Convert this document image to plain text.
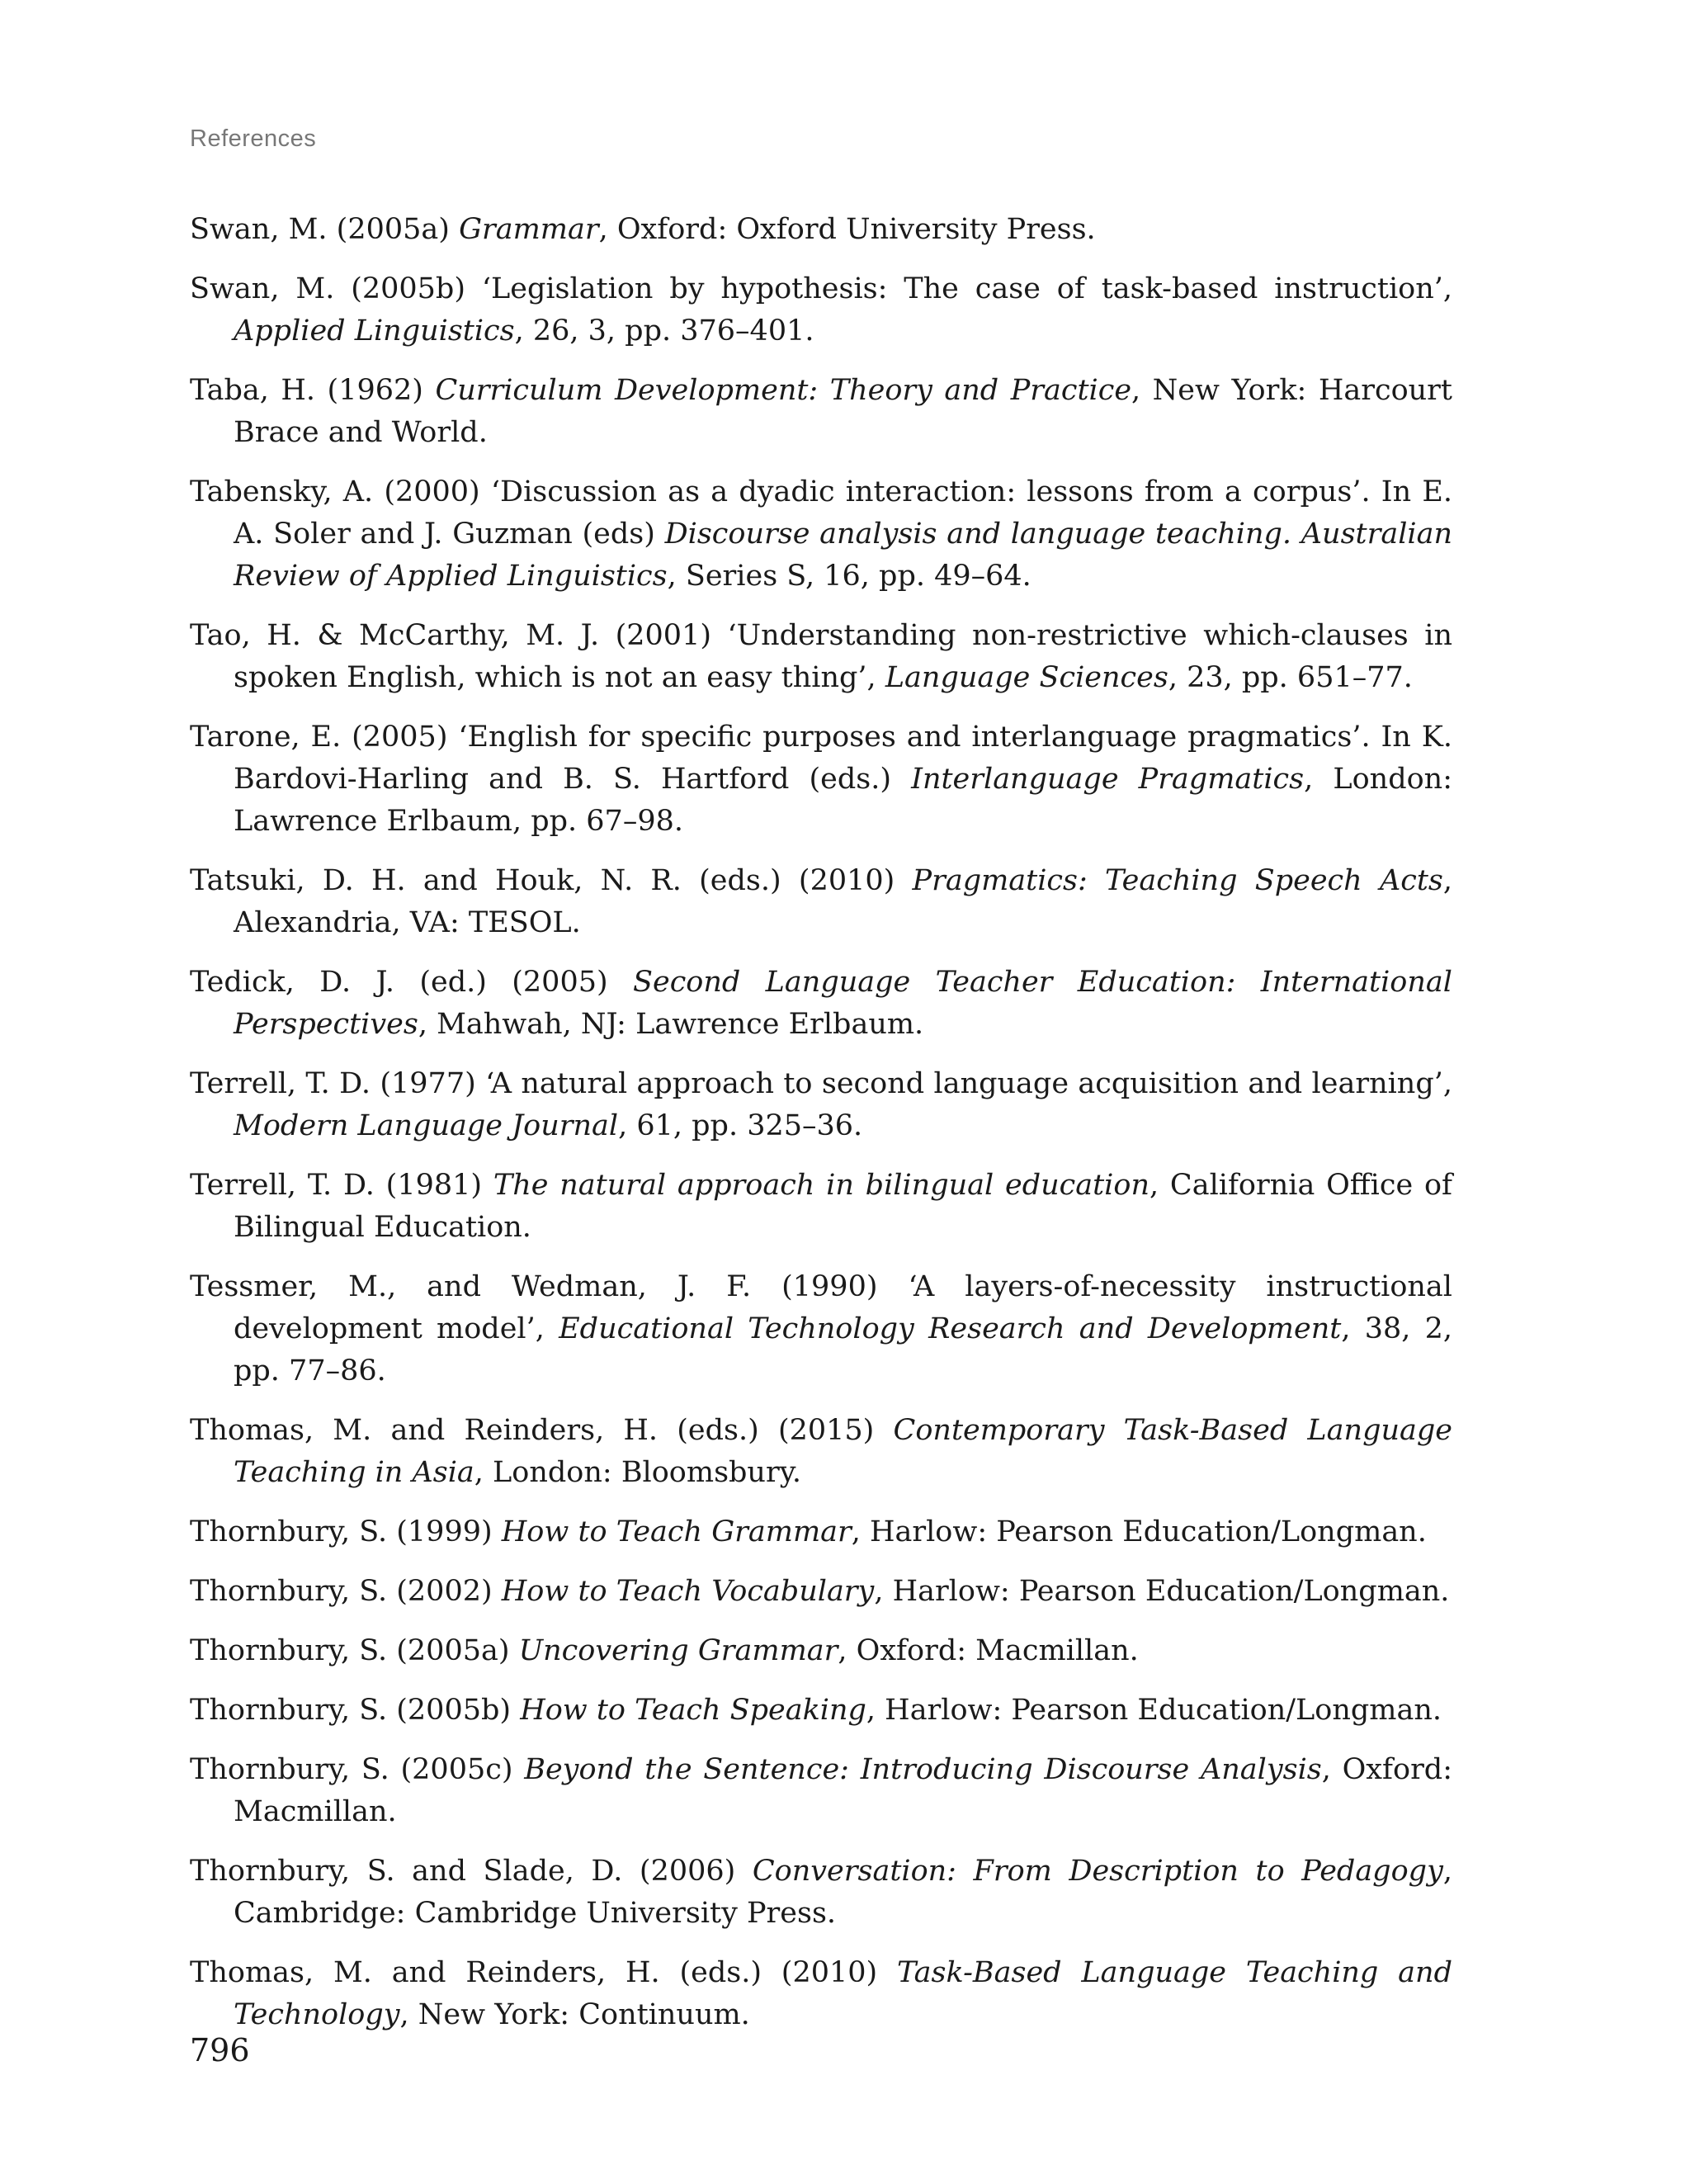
References
Swan, M. (2005a) Grammar, Oxford: Oxford University Press.
Swan, M. (2005b) ‘Legislation by hypothesis: The case of task-based instruction’, Applied Linguistics, 26, 3, pp. 376–401.
Taba, H. (1962) Curriculum Development: Theory and Practice, New York: Harcourt Brace and World.
Tabensky, A. (2000) ‘Discussion as a dyadic interaction: lessons from a corpus’. In E. A. Soler and J. Guzman (eds) Discourse analysis and language teaching. Australian Review of Applied Linguistics, Series S, 16, pp. 49–64.
Tao, H. & McCarthy, M. J. (2001) ‘Understanding non-restrictive which-clauses in spoken English, which is not an easy thing’, Language Sciences, 23, pp. 651–77.
Tarone, E. (2005) ‘English for specific purposes and interlanguage pragmatics’. In K. Bardovi-Harling and B. S. Hartford (eds.) Interlanguage Pragmatics, London: Lawrence Erlbaum, pp. 67–98.
Tatsuki, D. H. and Houk, N. R. (eds.) (2010) Pragmatics: Teaching Speech Acts, Alexandria, VA: TESOL.
Tedick, D. J. (ed.) (2005) Second Language Teacher Education: International Perspectives, Mahwah, NJ: Lawrence Erlbaum.
Terrell, T. D. (1977) ‘A natural approach to second language acquisition and learning’, Modern Language Journal, 61, pp. 325–36.
Terrell, T. D. (1981) The natural approach in bilingual education, California Office of Bilingual Education.
Tessmer, M., and Wedman, J. F. (1990) ‘A layers-of-necessity instructional development model’, Educational Technology Research and Development, 38, 2, pp. 77–86.
Thomas, M. and Reinders, H. (eds.) (2015) Contemporary Task-Based Language Teaching in Asia, London: Bloomsbury.
Thornbury, S. (1999) How to Teach Grammar, Harlow: Pearson Education/Longman.
Thornbury, S. (2002) How to Teach Vocabulary, Harlow: Pearson Education/Longman.
Thornbury, S. (2005a) Uncovering Grammar, Oxford: Macmillan.
Thornbury, S. (2005b) How to Teach Speaking, Harlow: Pearson Education/Longman.
Thornbury, S. (2005c) Beyond the Sentence: Introducing Discourse Analysis, Oxford: Macmillan.
Thornbury, S. and Slade, D. (2006) Conversation: From Description to Pedagogy, Cambridge: Cambridge University Press.
Thomas, M. and Reinders, H. (eds.) (2010) Task-Based Language Teaching and Technology, New York: Continuum.
796
